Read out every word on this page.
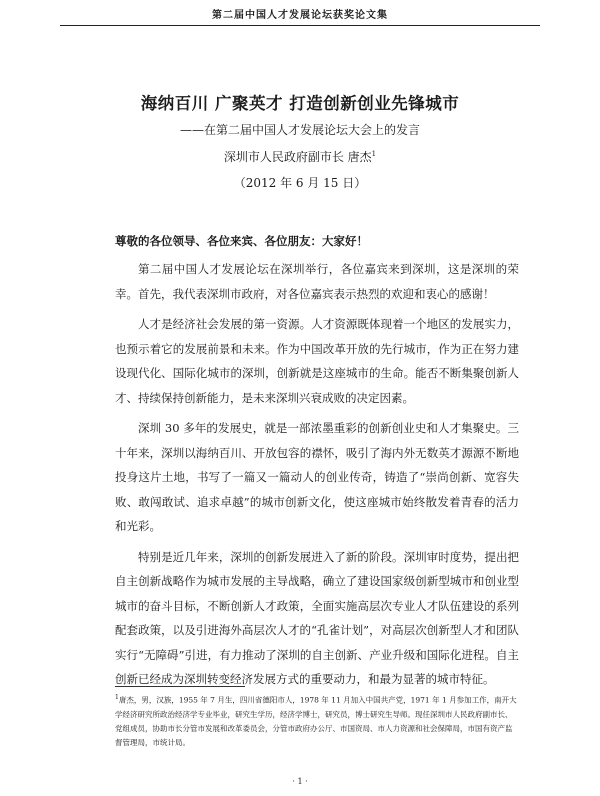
第二届中国人才发展论坛获奖论文集
海纳百川 广聚英才 打造创新创业先锋城市
——在第二届中国人才发展论坛大会上的发言
深圳市人民政府副市长 唐杰$^1$
（2012 年 6 月 15 日）
尊敬的各位领导、各位来宾、各位朋友：大家好！

第二届中国人才发展论坛在深圳举行，各位嘉宾来到深圳，这是深圳的荣幸。首先，我代表深圳市政府，对各位嘉宾表示热烈的欢迎和衷心的感谢！

人才是经济社会发展的第一资源。人才资源既体现着一个地区的发展实力，也预示着它的发展前景和未来。作为中国改革开放的先行城市，作为正在努力建设现代化、国际化城市的深圳，创新就是这座城市的生命。能否不断集聚创新人才、持续保持创新能力，是未来深圳兴衰成败的决定因素。

深圳 30 多年的发展史，就是一部浓墨重彩的创新创业史和人才集聚史。三十年来，深圳以海纳百川、开放包容的襟怀，吸引了海内外无数英才源源不断地投身这片土地，书写了一篇又一篇动人的创业传奇，铸造了“崇尚创新、宽容失败、敢闯敢试、追求卓越”的城市创新文化，使这座城市始终散发着青春的活力和光彩。

特别是近几年来，深圳的创新发展进入了新的阶段。深圳审时度势，提出把自主创新战略作为城市发展的主导战略，确立了建设国家级创新型城市和创业型城市的奋斗目标，不断创新人才政策，全面实施高层次专业人才队伍建设的系列配套政策，以及引进海外高层次人才的“孔雀计划”，对高层次创新型人才和团队实行“无障碍”引进，有力推动了深圳的自主创新、产业升级和国际化进程。自主创新已经成为深圳转变经济发展方式的重要动力，和最为显著的城市特征。

$^1$唐杰，男，汉族，1955 年 7 月生，四川省德阳市人，1978 年 11 月加入中国共产党，1971 年 1 月参加工作，南开大学经济研究所政治经济学专业毕业，研究生学历，经济学博士，研究员，博士研究生导师。现任深圳市人民政府副市长、党组成员，协助市长分管市发展和改革委员会，分管市政府办公厅、市国资局、市人力资源和社会保障局，市国有资产监督管理局，市统计局。
· 1 ·
